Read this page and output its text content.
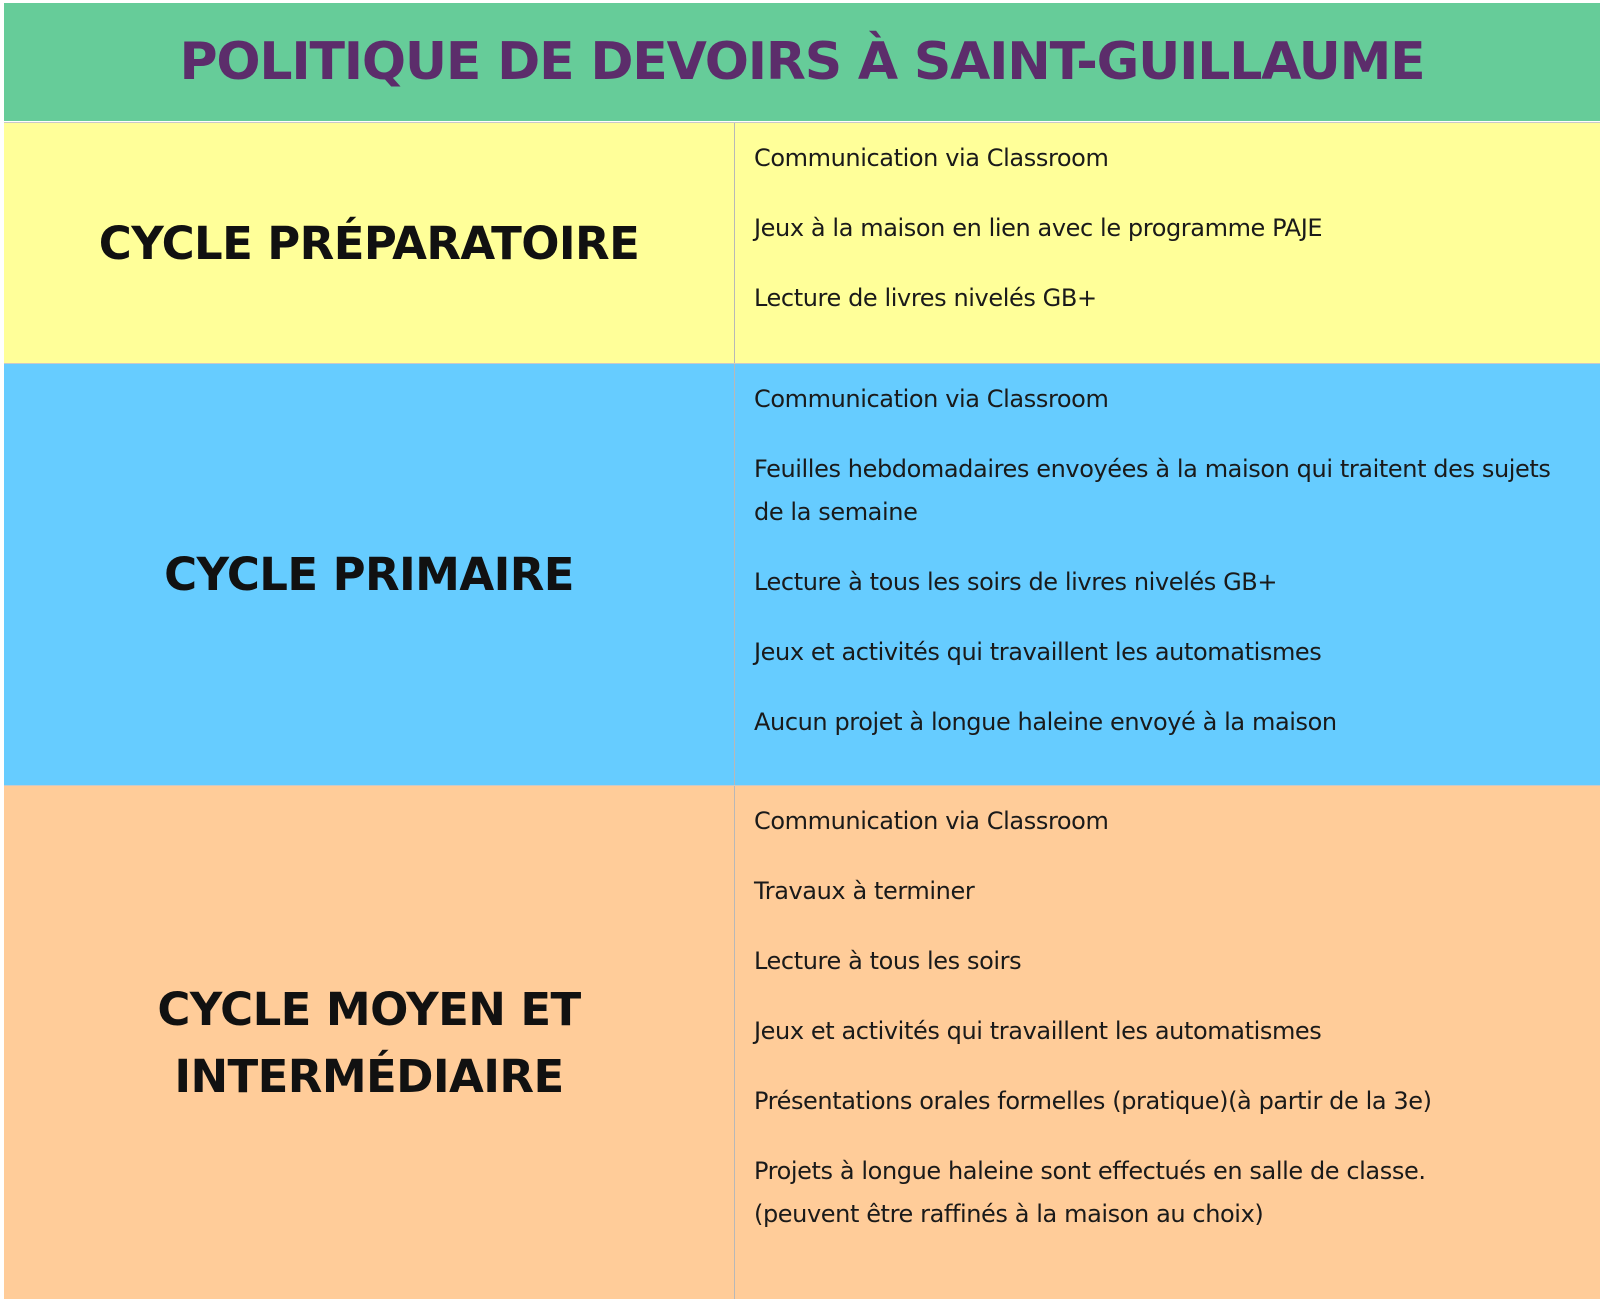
POLITIQUE DE DEVOIRS À SAINT-GUILLAUME

CYCLE PRÉPARATOIRE

Communication via Classroom
Jeux à la maison en lien avec le programme PAJE
Lecture de livres nivelés GB+

CYCLE PRIMAIRE

Communication via Classroom
Feuilles hebdomadaires envoyées à la maison qui traitent des sujets de la semaine
Lecture à tous les soirs de livres nivelés GB+
Jeux et activités qui travaillent les automatismes
Aucun projet à longue haleine envoyé à la maison

CYCLE MOYEN ET
INTERMÉDIAIRE

Communication via Classroom
Travaux à terminer
Lecture à tous les soirs
Jeux et activités qui travaillent les automatismes
Présentations orales formelles (pratique)(à partir de la 3e)
Projets à longue haleine sont effectués en salle de classe.
(peuvent être raffinés à la maison au choix)
